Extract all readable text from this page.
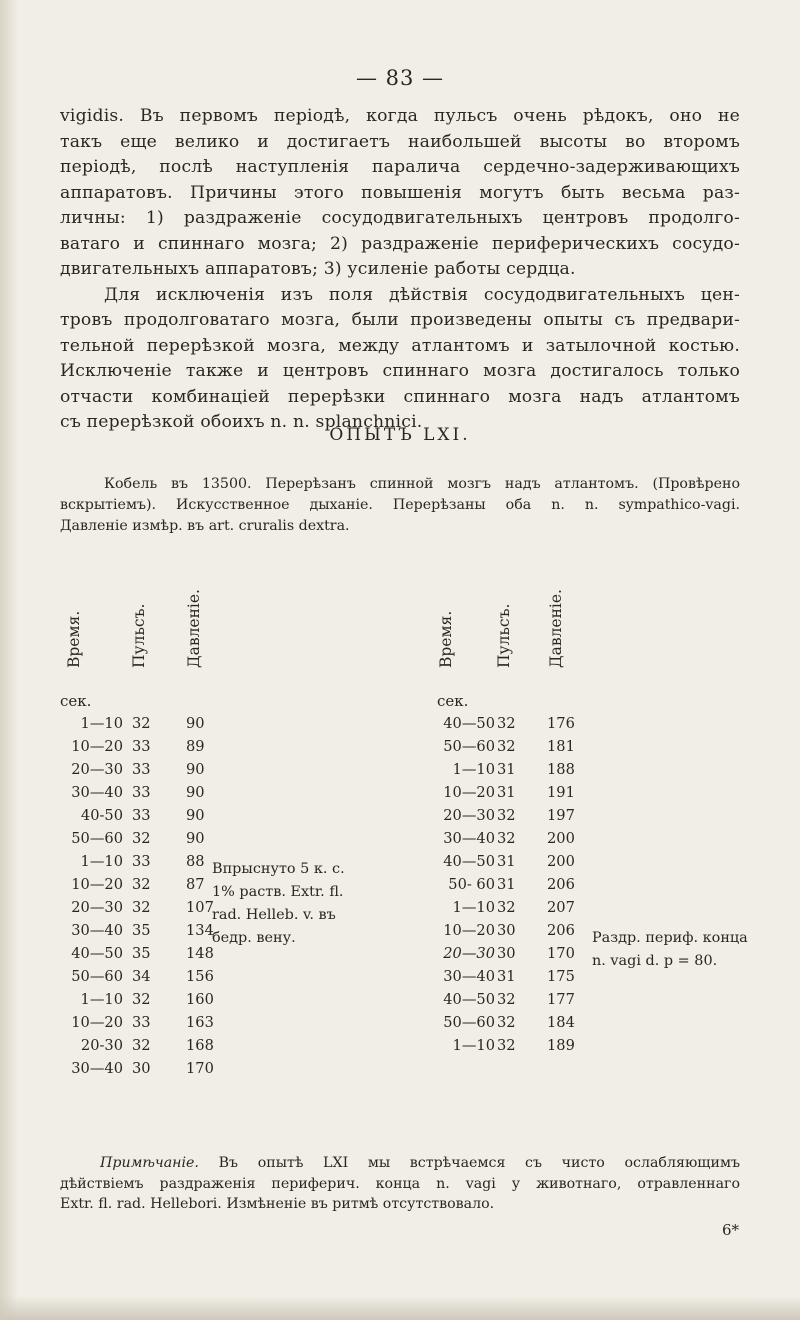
— 83 —
vigidis. Въ первомъ періодѣ, когда пульсъ очень рѣдокъ, оно не
такъ еще велико и достигаетъ наибольшей высоты во второмъ
періодѣ, послѣ наступленія паралича сердечно-задерживающихъ
аппаратовъ. Причины этого повышенія могутъ быть весьма раз-
личны: 1) раздраженіе сосудодвигательныхъ центровъ продолго-
ватаго и спиннаго мозга; 2) раздраженіе периферическихъ сосудо-
двигательныхъ аппаратовъ; 3) усиленіе работы сердца.
Для исключенія изъ поля дѣйствія сосудодвигательныхъ цен-
тровъ продолговатаго мозга, были произведены опыты съ предвари-
тельной перерѣзкой мозга, между атлантомъ и затылочной костью.
Исключеніе также и центровъ спиннаго мозга достигалось только
отчасти комбинаціей перерѣзки спиннаго мозга надъ атлантомъ
съ перерѣзкой обоихъ n. n. splanchnici.
ОПЫТЪ LXI.
Кобель въ 13500. Перерѣзанъ спинной мозгъ надъ атлантомъ. (Провѣрено
вскрытіемъ). Искусственное дыханіе. Перерѣзаны оба n. n. sympathico-vagi.
Давленіе измѣр. въ art. cruralis dextra.
Время.	Пульсъ. Давленіе.	Время.	Пульсъ. Давленіе.
сек.	сек.
1—10 32 90
10—20 33 89
20—30 33 90
30—40 33 90
40-50 33 90
50—60 32 90
1—10 33 88
10—20 32 87
20—30 32 107
30—40 35 134
40—50 35 148
50—60 34 156
1—10 32 160
10—20 33 163
20-30 32 168
30—40 30 170
40—50 32 176
50—60 32 181
1—10 31 188
10—20 31 191
20—30 32 197
30—40 32 200
40—50 31 200
50- 60 31 206
1—10 32 207
10—20 30 206
20—30 30 170
30—40 31 175
40—50 32 177
50—60 32 184
1—10 32 189
Впрыснуто 5 к. с.
1% раств. Extr. fl.
rad. Helleb. v. въ
бедр. вену.	Раздр. периф. конца
n. vagi d. p = 80.
Примѣчаніе. Въ опытѣ LXI мы встрѣчаемся съ чисто ослабляющимъ
дѣйствіемъ раздраженія периферич. конца n. vagi у животнаго, отравленнаго
Extr. fl. rad. Helleborі. Измѣненіе въ ритмѣ отсутствовало.
6*
